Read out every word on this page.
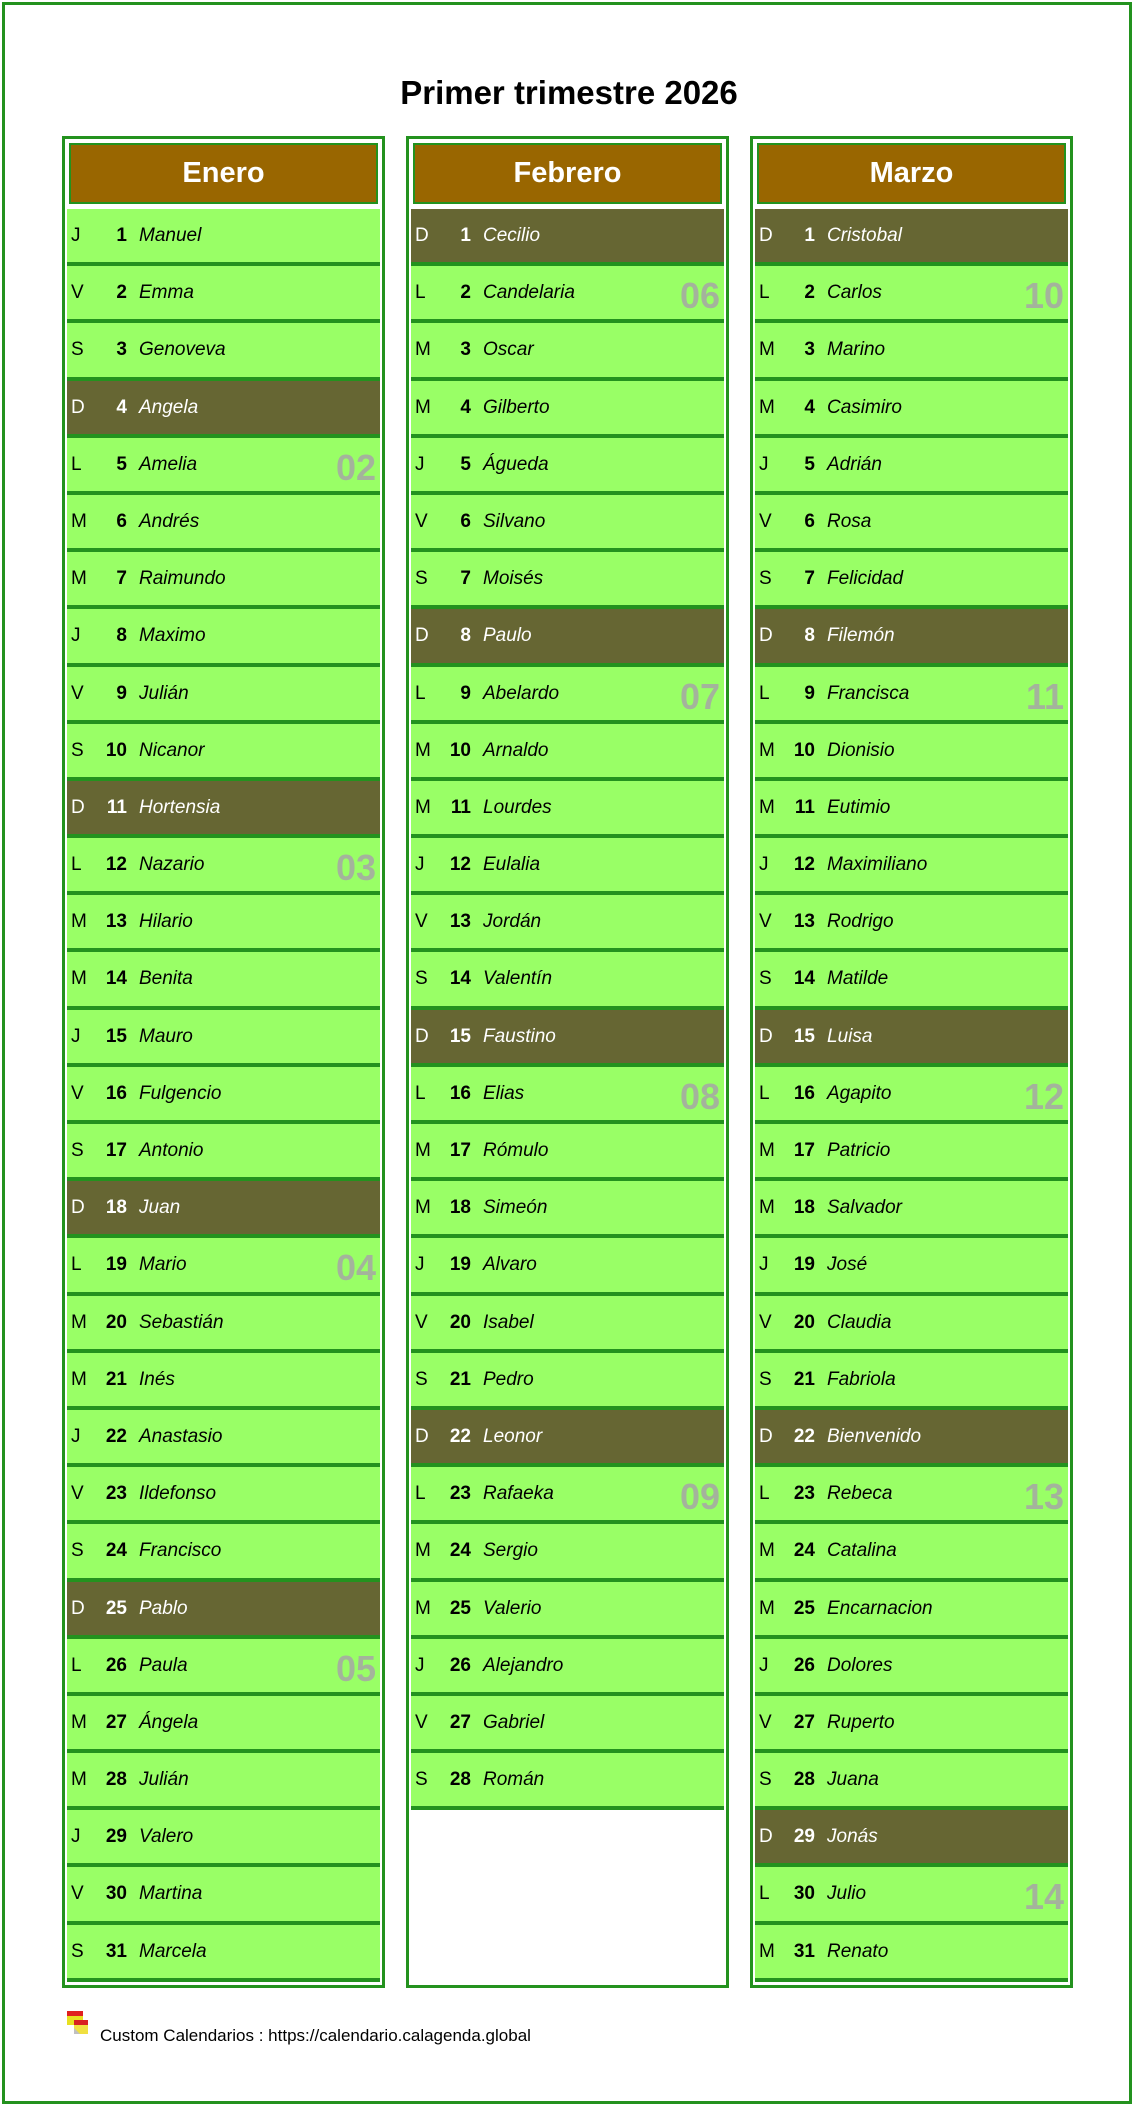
Primer trimestre 2026
Enero
J	1 Manuel
V	2 Emma
S	3 Genoveva
D	4 Angela
L	5 Amelia	02
M	6 Andrés
M	7 Raimundo
J	8 Maximo
V	9 Julián
S	10 Nicanor
D	11 Hortensia
L	12 Nazario	03
M	13 Hilario
M	14 Benita
J	15 Mauro
V	16 Fulgencio
S	17 Antonio
D	18 Juan
L	19 Mario	04
M	20 Sebastián
M	21 Inés
J	22 Anastasio
V	23 Ildefonso
S	24 Francisco
D	25 Pablo
L	26 Paula	05
M	27 Ángela
M	28 Julián
J	29 Valero
V	30 Martina
S	31 Marcela
Febrero
D	1 Cecilio
L	2 Candelaria	06
M	3 Oscar
M	4 Gilberto
J	5 Águeda
V	6 Silvano
S	7 Moisés
D	8 Paulo
L	9 Abelardo	07
M	10 Arnaldo
M	11 Lourdes
J	12 Eulalia
V	13 Jordán
S	14 Valentín
D	15 Faustino
L	16 Elias	08
M	17 Rómulo
M	18 Simeón
J	19 Alvaro
V	20 Isabel
S	21 Pedro
D	22 Leonor
L	23 Rafaeka	09
M	24 Sergio
M	25 Valerio
J	26 Alejandro
V	27 Gabriel
S	28 Román
Marzo
D	1 Cristobal
L	2 Carlos	10
M	3 Marino
M	4 Casimiro
J	5 Adrián
V	6 Rosa
S	7 Felicidad
D	8 Filemón
L	9 Francisca	11
M	10 Dionisio
M	11 Eutimio
J	12 Maximiliano
V	13 Rodrigo
S	14 Matilde
D	15 Luisa
L	16 Agapito	12
M	17 Patricio
M	18 Salvador
J	19 José
V	20 Claudia
S	21 Fabriola
D	22 Bienvenido
L	23 Rebeca	13
M	24 Catalina
M	25 Encarnacion
J	26 Dolores
V	27 Ruperto
S	28 Juana
D	29 Jonás
L	30 Julio	14
M	31 Renato
Custom Calendarios : https://calendario.calagenda.global
